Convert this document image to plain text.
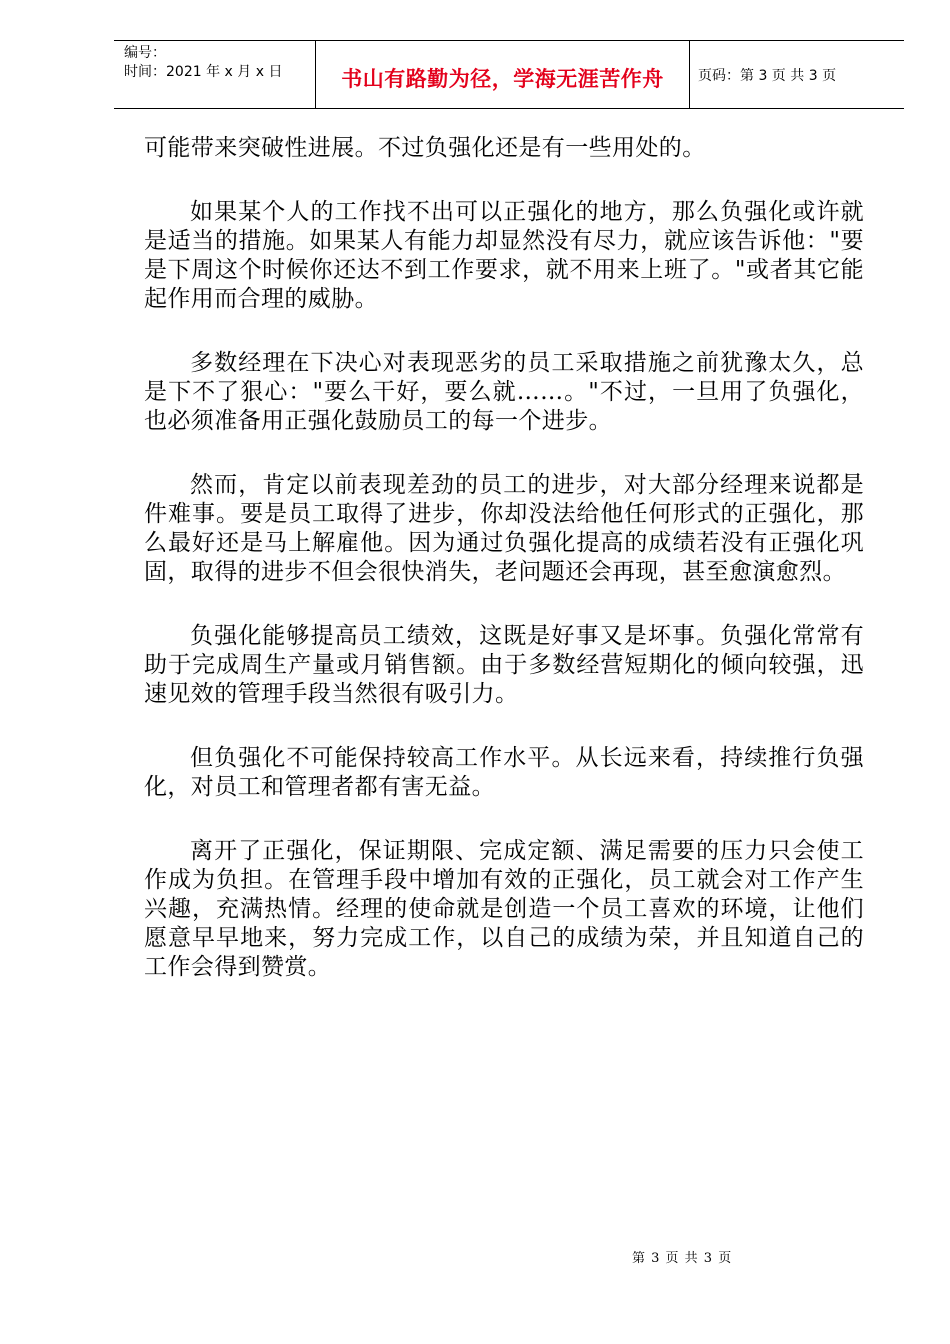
编号：
时间：2021 年 x 月 x 日	书山有路勤为径，学海无涯苦作舟	页码：第 3 页 共 3 页

可能带来突破性进展。不过负强化还是有一些用处的。

如果某个人的工作找不出可以正强化的地方，那么负强化或许就是适当的措施。如果某人有能力却显然没有尽力，就应该告诉他："要是下周这个时候你还达不到工作要求，就不用来上班了。"或者其它能起作用而合理的威胁。

多数经理在下决心对表现恶劣的员工采取措施之前犹豫太久，总是下不了狠心："要么干好，要么就……。"不过，一旦用了负强化，也必须准备用正强化鼓励员工的每一个进步。

然而，肯定以前表现差劲的员工的进步，对大部分经理来说都是件难事。要是员工取得了进步，你却没法给他任何形式的正强化，那么最好还是马上解雇他。因为通过负强化提高的成绩若没有正强化巩固，取得的进步不但会很快消失，老问题还会再现，甚至愈演愈烈。

负强化能够提高员工绩效，这既是好事又是坏事。负强化常常有助于完成周生产量或月销售额。由于多数经营短期化的倾向较强，迅速见效的管理手段当然很有吸引力。

但负强化不可能保持较高工作水平。从长远来看，持续推行负强化，对员工和管理者都有害无益。

离开了正强化，保证期限、完成定额、满足需要的压力只会使工作成为负担。在管理手段中增加有效的正强化，员工就会对工作产生兴趣，充满热情。经理的使命就是创造一个员工喜欢的环境，让他们愿意早早地来，努力完成工作，以自己的成绩为荣，并且知道自己的工作会得到赞赏。

第 3 页 共 3 页
